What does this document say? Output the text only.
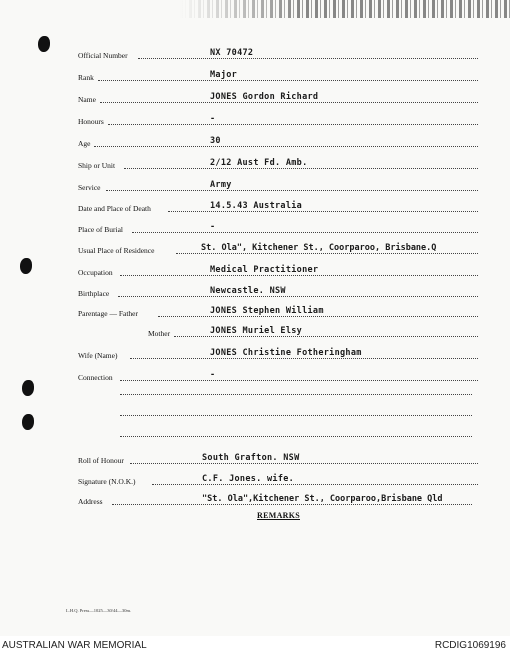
Official Number	NX 70472
Rank	Major
Name	JONES Gordon Richard
Honours	-
Age	30
Ship or Unit	2/12 Aust Fd. Amb.
Service	Army
Date and Place of Death	14.5.43 Australia
Place of Burial	-
Usual Place of Residence	St. Ola", Kitchener St., Coorparoo, Brisbane.Q
Occupation	Medical Practitioner
Birthplace	Newcastle. NSW
Parentage — Father	JONES Stephen William
Mother	JONES Muriel Elsy
Wife (Name)	JONES Christine Fotheringham
Connection	-
Roll of Honour	South Grafton. NSW
Signature (N.O.K.)	C.F. Jones. wife.
Address	"St. Ola",Kitchener St., Coorparoo,Brisbane Qld
REMARKS
L.H.Q. Press—1025—30/44—30m.
AUSTRALIAN WAR MEMORIAL	RCDIG1069196
